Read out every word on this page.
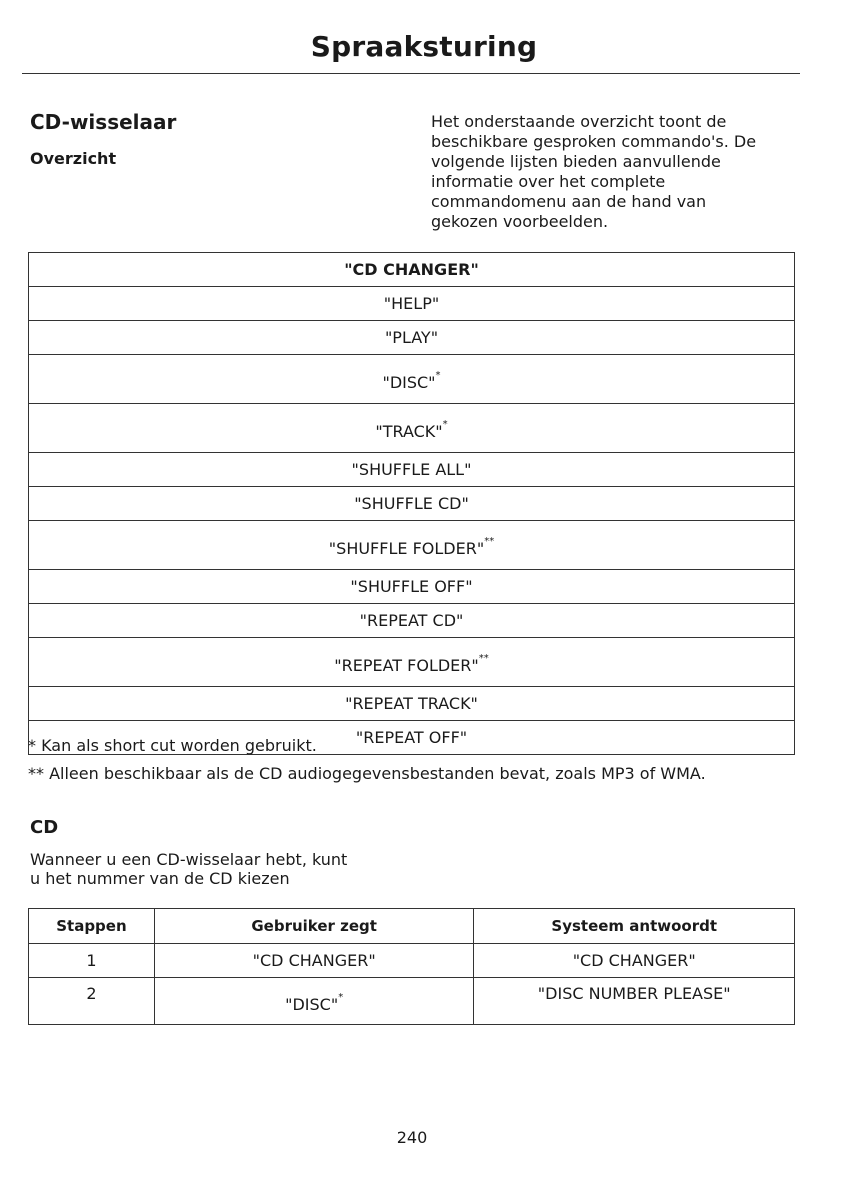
Spraaksturing
CD-wisselaar
Overzicht

Het onderstaande overzicht toont de
beschikbare gesproken commando's. De
volgende lijsten bieden aanvullende
informatie over het complete
commandomenu aan de hand van
gekozen voorbeelden.

"CD CHANGER"
"HELP"
"PLAY"
"DISC"*
"TRACK"*
"SHUFFLE ALL"
"SHUFFLE CD"
"SHUFFLE FOLDER"**
"SHUFFLE OFF"
"REPEAT CD"
"REPEAT FOLDER"**
"REPEAT TRACK"
"REPEAT OFF"

* Kan als short cut worden gebruikt.

** Alleen beschikbaar als de CD audiogegevensbestanden bevat, zoals MP3 of WMA.

CD

Wanneer u een CD-wisselaar hebt, kunt
u het nummer van de CD kiezen

Stappen	Gebruiker zegt	Systeem antwoordt
1	"CD CHANGER"	"CD CHANGER"
2	"DISC"*	"DISC NUMBER PLEASE"

240
